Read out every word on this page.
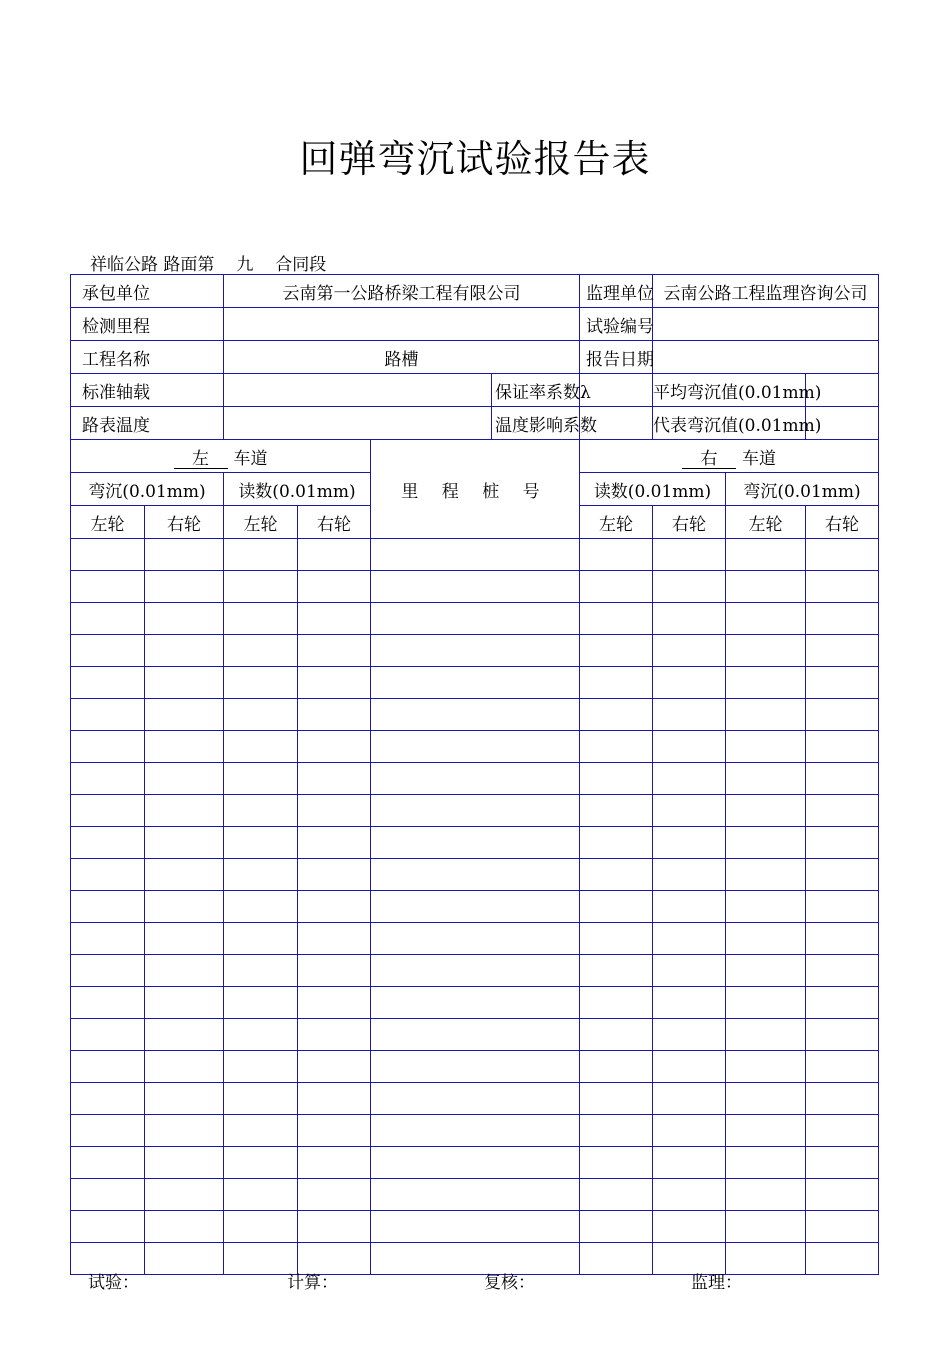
回弹弯沉试验报告表
祥临公路 路面第 九 合同段
承包单位		云南第一公路桥梁工程有限公司				监理单位	云南公路工程监理咨询公司		
检测里程						试验编号			
工程名称		路槽				报告日期			
标准轴载					保证率系数λ		平均弯沉值(0.01mm)		
路表温度					温度影响系数		代表弯沉值(0.01mm)		
左 车道				里 程 桩 号		右 车道			
弯沉(0.01mm)		读数(0.01mm)				读数(0.01mm)		弯沉(0.01mm)	
左轮	右轮	左轮	右轮			左轮	右轮	左轮	右轮

试验：	计算：	复核：	监理：
